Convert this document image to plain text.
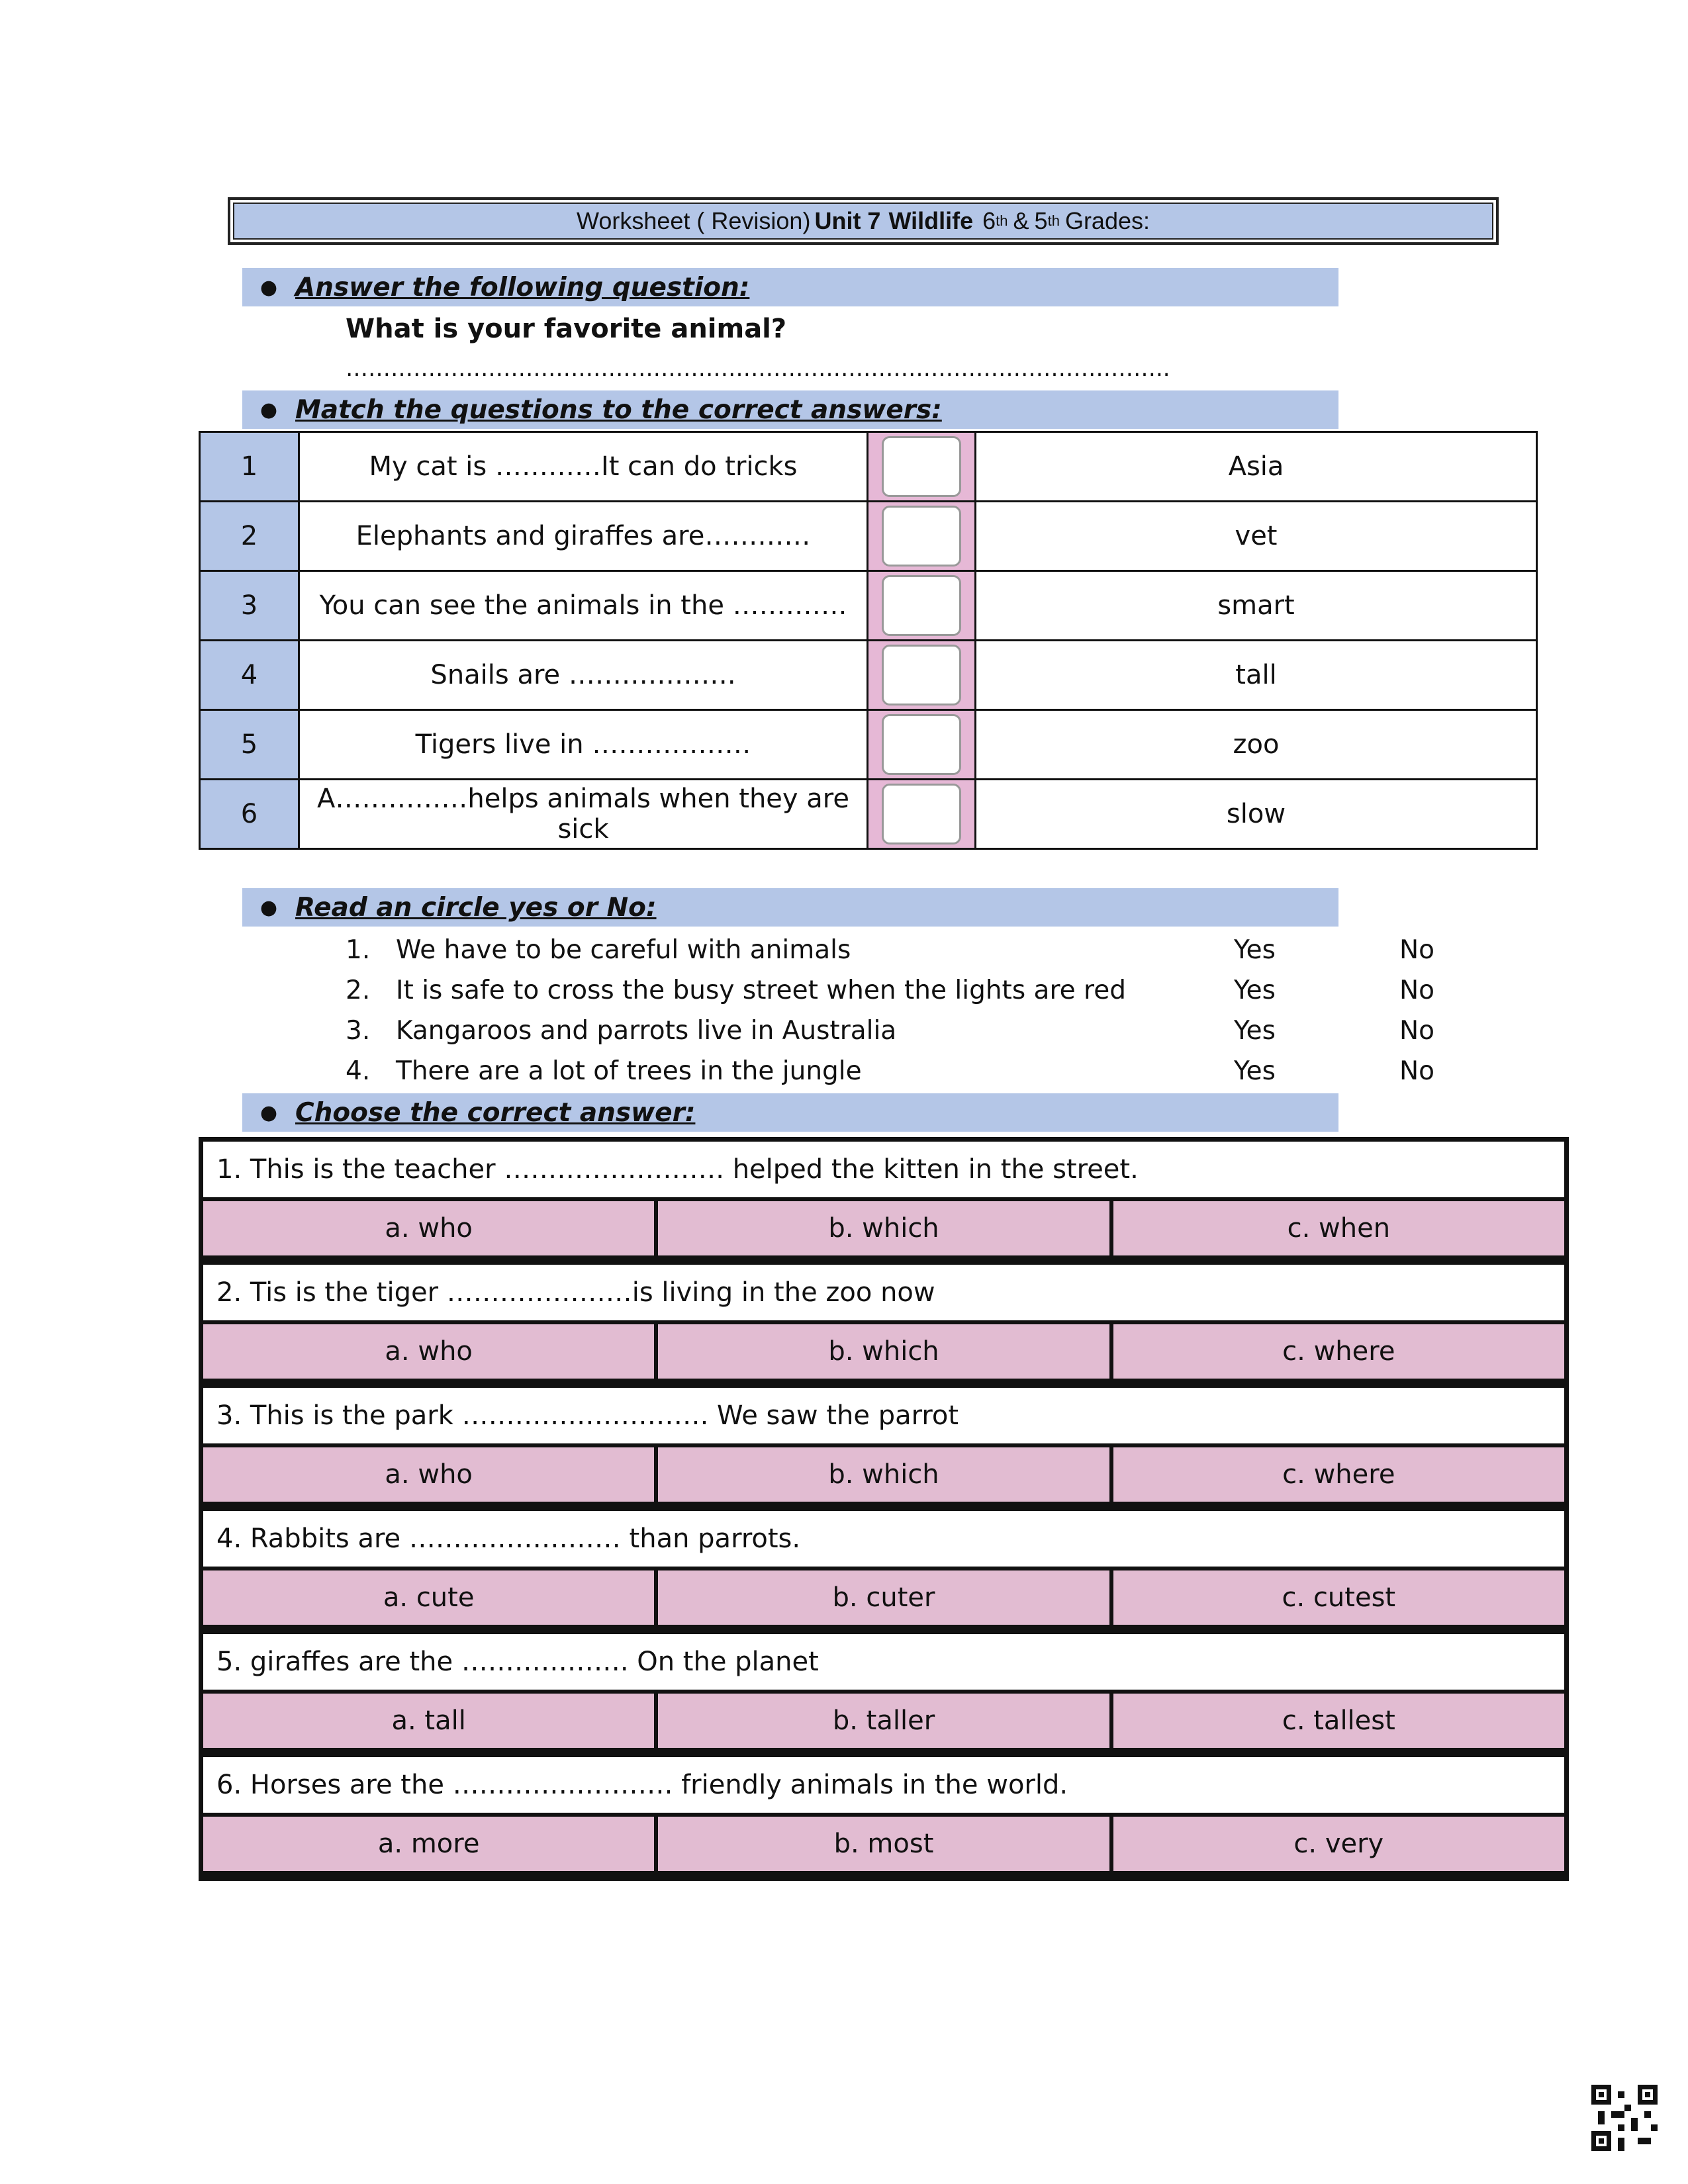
Worksheet ( Revision) Unit 7 Wildlife 6 th & 5 th Grades:
● Answer the following question:
What is your favorite animal?
………………………………………………………………………………………………..
● Match the questions to the correct answers:
1	My cat is …………It can do tricks		Asia
2	Elephants and giraffes are…………		vet
3	You can see the animals in the ………….		smart
4	Snails are ……………….		tall
5	Tigers live in ………………		zoo
6	A……………helps animals when they are sick		slow
● Read an circle yes or No:
1. We have to be careful with animals	Yes	No
2. It is safe to cross the busy street when the lights are red	Yes	No
3. Kangaroos and parrots live in Australia	Yes	No
4. There are a lot of trees in the jungle	Yes	No
● Choose the correct answer:
1. This is the teacher ……………………. helped the kitten in the street.
a. who	b. which	c. when
2. Tis is the tiger …………………is living in the zoo now
a. who	b. which	c. where
3. This is the park ………………………. We saw the parrot
a. who	b. which	c. where
4. Rabbits are …………………… than parrots.
a. cute	b. cuter	c. cutest
5. giraffes are the ………………. On the planet
a. tall	b. taller	c. tallest
6. Horses are the ……………………. friendly animals in the world.
a. more	b. most	c. very
